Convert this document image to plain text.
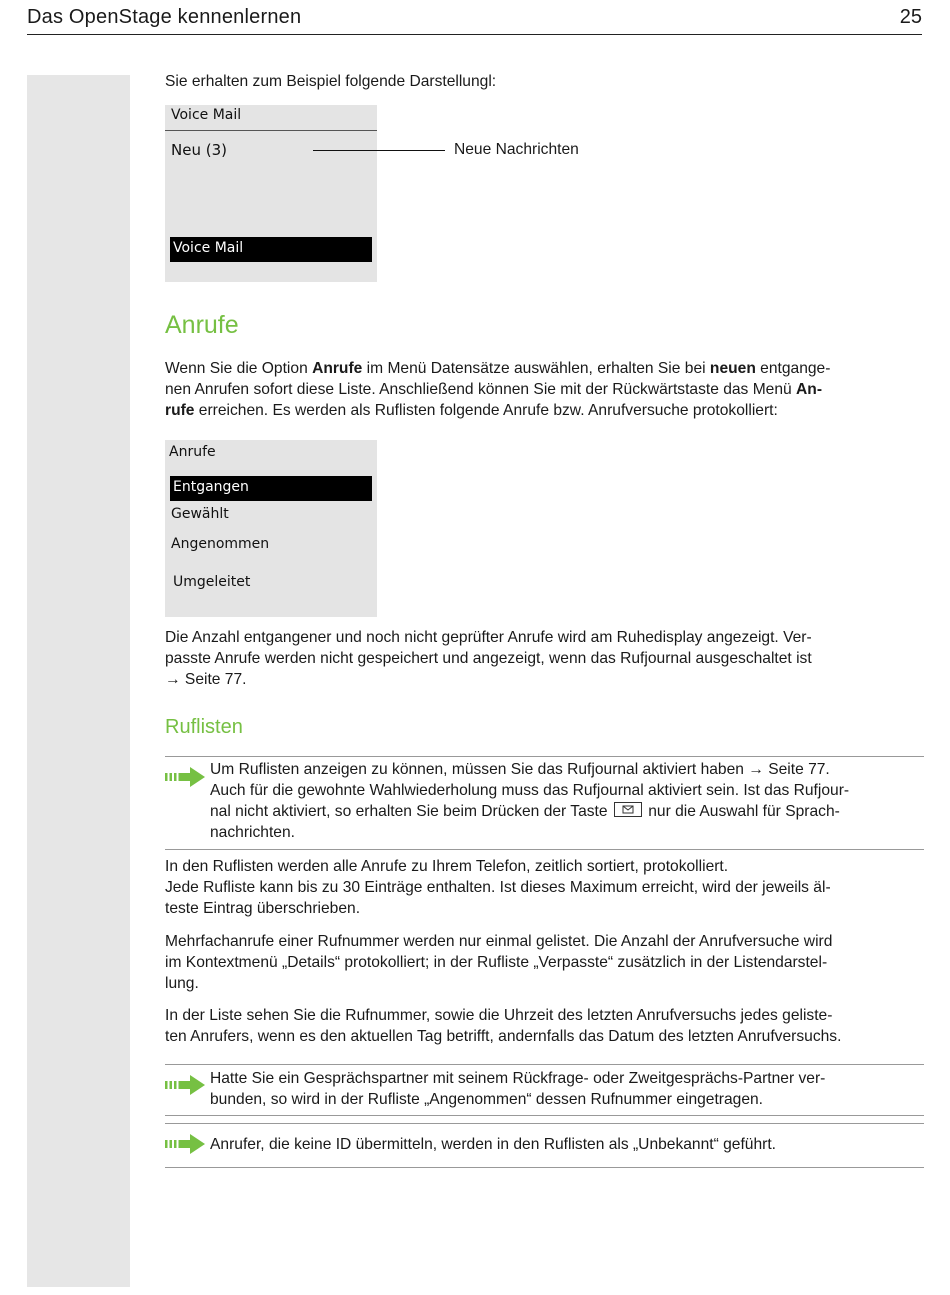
Das OpenStage kennenlernen	25
Sie erhalten zum Beispiel folgende Darstellungl:
Voice Mail
Neu (3)
Voice Mail
Neue Nachrichten
Anrufe
Wenn Sie die Option Anrufe im Menü Datensätze auswählen, erhalten Sie bei neuen entgange-
nen Anrufen sofort diese Liste. Anschließend können Sie mit der Rückwärtstaste das Menü An-
rufe erreichen. Es werden als Ruflisten folgende Anrufe bzw. Anrufversuche protokolliert:
Anrufe
Entgangen
Gewählt
Angenommen
Umgeleitet
Die Anzahl entgangener und noch nicht geprüfter Anrufe wird am Ruhedisplay angezeigt. Ver-
passte Anrufe werden nicht gespeichert und angezeigt, wenn das Rufjournal ausgeschaltet ist
→ Seite 77.
Ruflisten
Um Ruflisten anzeigen zu können, müssen Sie das Rufjournal aktiviert haben → Seite 77.
Auch für die gewohnte Wahlwiederholung muss das Rufjournal aktiviert sein. Ist das Rufjour-
nal nicht aktiviert, so erhalten Sie beim Drücken der Taste	nur die Auswahl für Sprach-
nachrichten.
In den Ruflisten werden alle Anrufe zu Ihrem Telefon, zeitlich sortiert, protokolliert.
Jede Rufliste kann bis zu 30 Einträge enthalten. Ist dieses Maximum erreicht, wird der jeweils äl-
teste Eintrag überschrieben.
Mehrfachanrufe einer Rufnummer werden nur einmal gelistet. Die Anzahl der Anrufversuche wird
im Kontextmenü „Details“ protokolliert; in der Rufliste „Verpasste“ zusätzlich in der Listendarstel-
lung.
In der Liste sehen Sie die Rufnummer, sowie die Uhrzeit des letzten Anrufversuchs jedes geliste-
ten Anrufers, wenn es den aktuellen Tag betrifft, andernfalls das Datum des letzten Anrufversuchs.
Hatte Sie ein Gesprächspartner mit seinem Rückfrage- oder Zweitgesprächs-Partner ver-
bunden, so wird in der Rufliste „Angenommen“ dessen Rufnummer eingetragen.
Anrufer, die keine ID übermitteln, werden in den Ruflisten als „Unbekannt“ geführt.
